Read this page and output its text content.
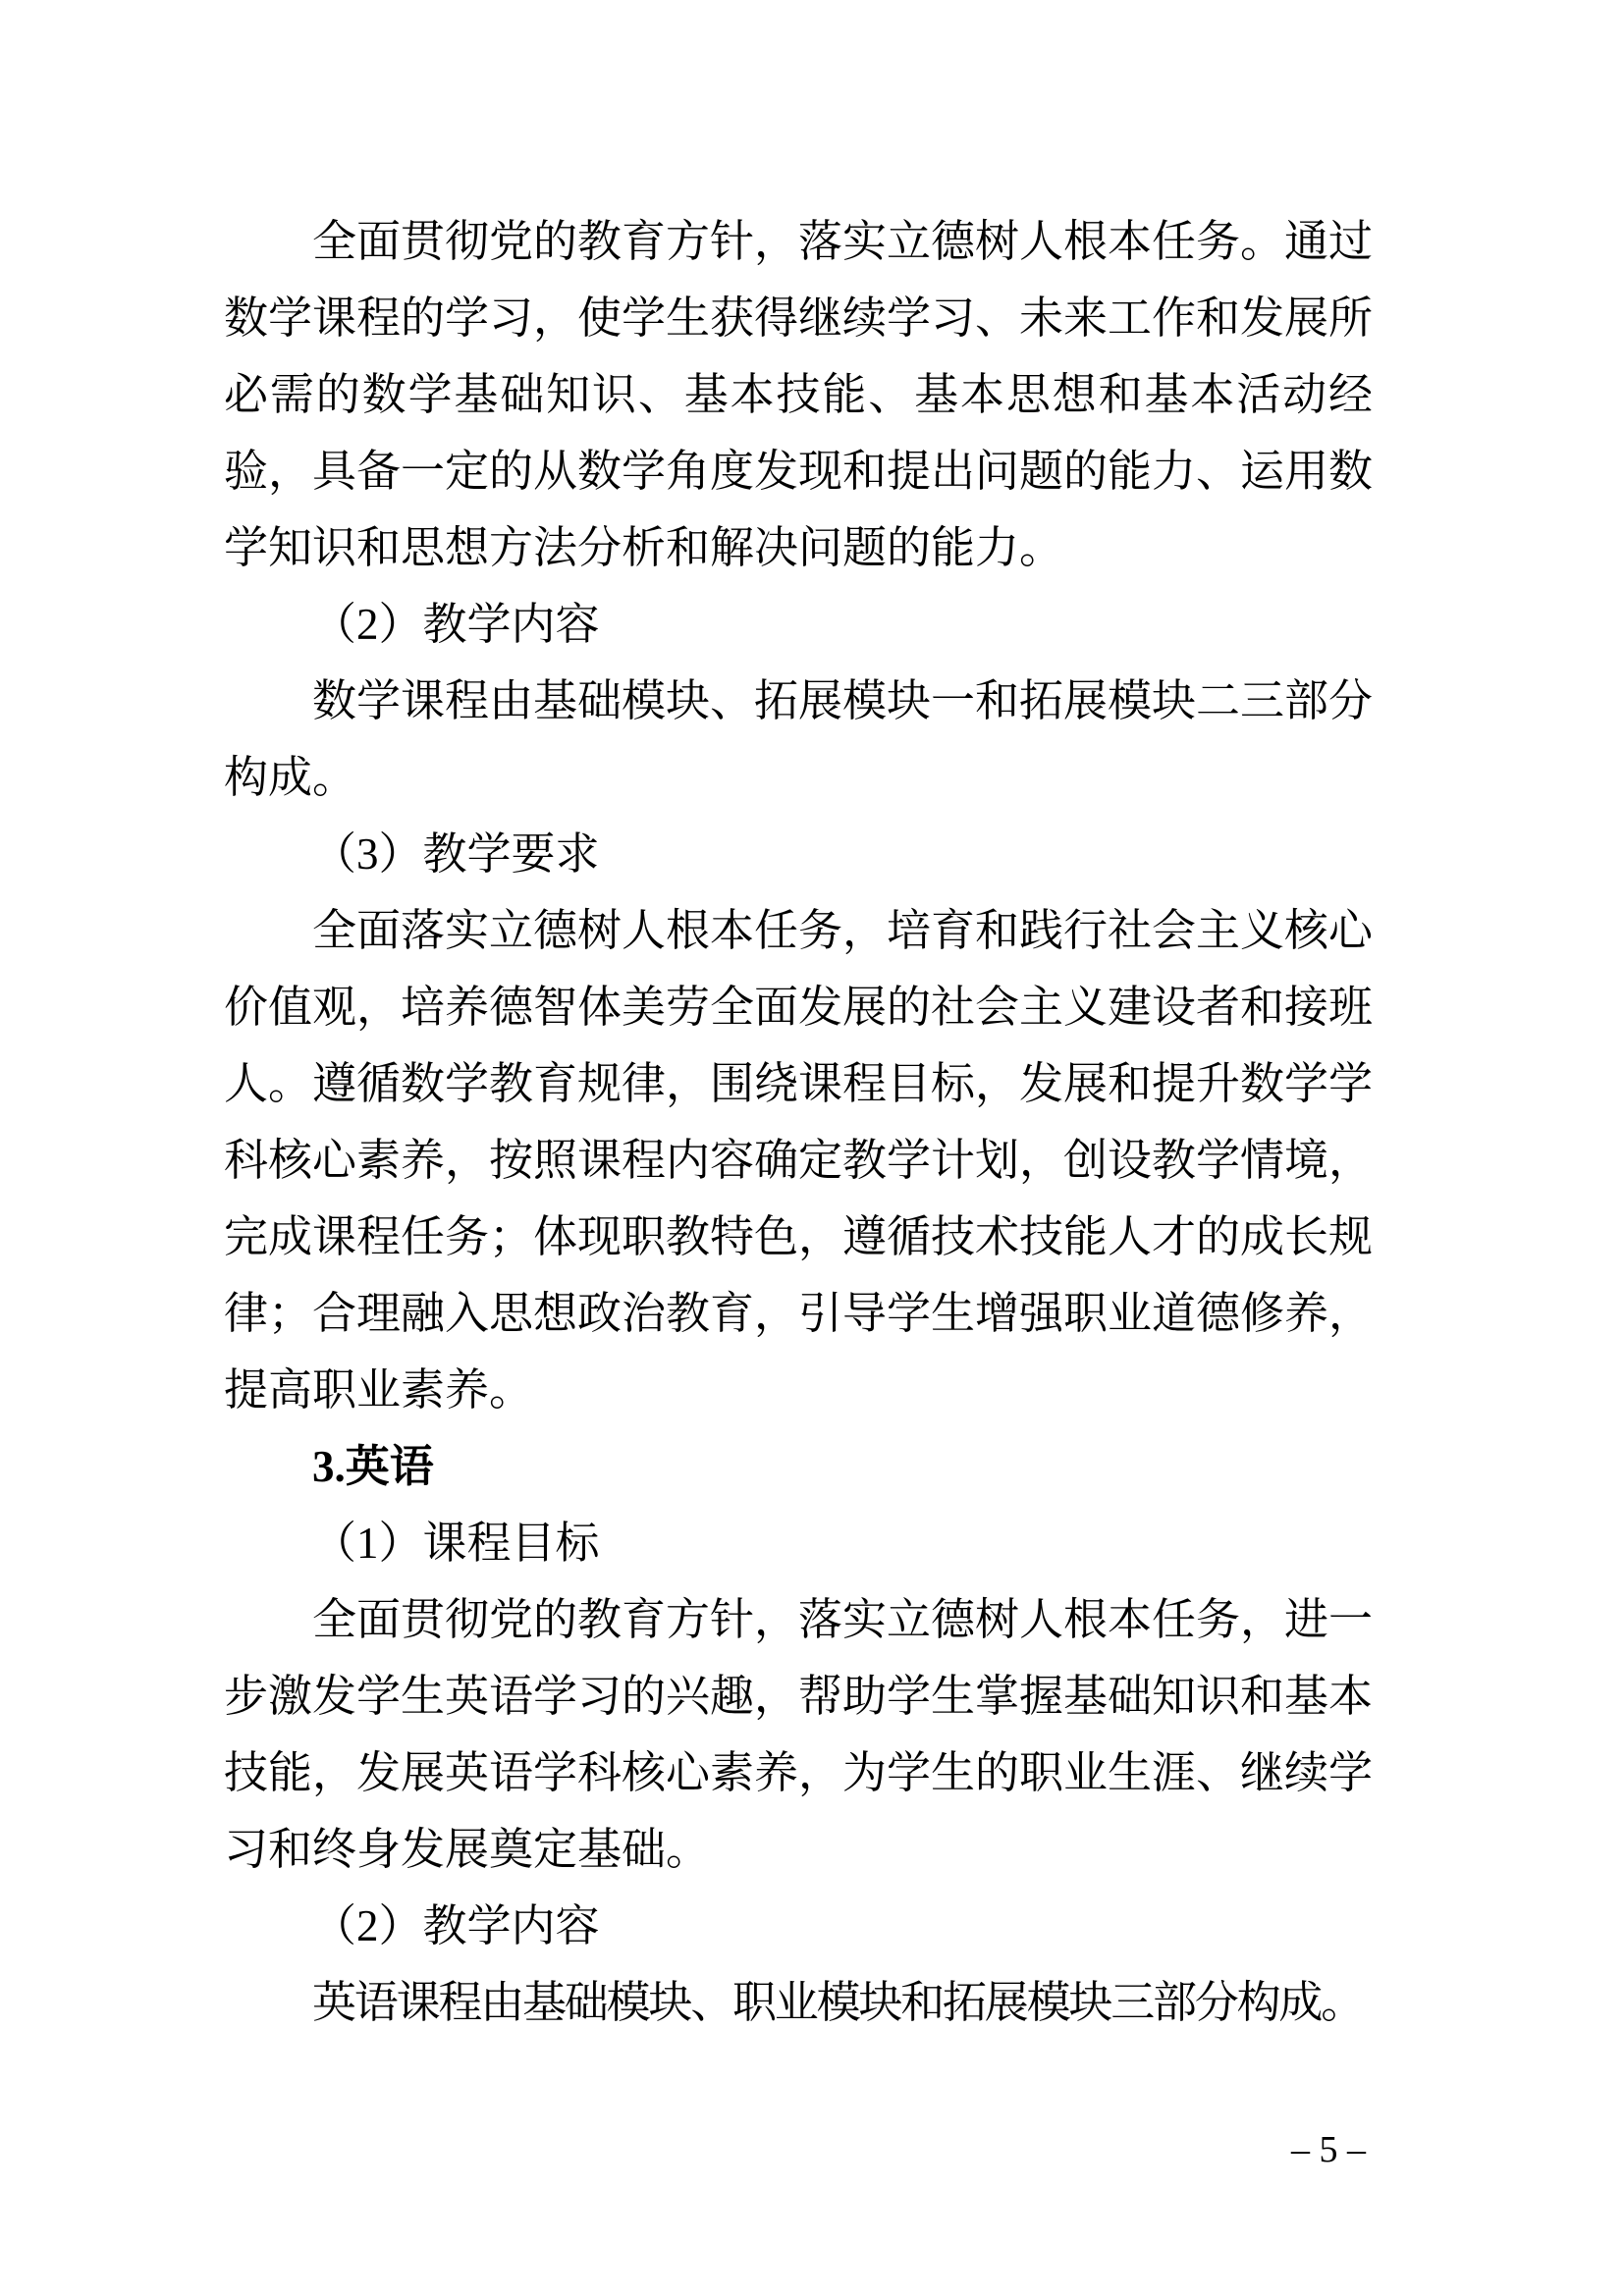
全面贯彻党的教育方针，落实立德树人根本任务。通过数学课程的学习，使学生获得继续学习、未来工作和发展所必需的数学基础知识、基本技能、基本思想和基本活动经验，具备一定的从数学角度发现和提出问题的能力、运用数学知识和思想方法分析和解决问题的能力。

（2）教学内容

数学课程由基础模块、拓展模块一和拓展模块二三部分构成。

（3）教学要求

全面落实立德树人根本任务，培育和践行社会主义核心价值观，培养德智体美劳全面发展的社会主义建设者和接班人。遵循数学教育规律，围绕课程目标，发展和提升数学学科核心素养，按照课程内容确定教学计划，创设教学情境，完成课程任务；体现职教特色，遵循技术技能人才的成长规律；合理融入思想政治教育，引导学生增强职业道德修养，提高职业素养。

3.英语

（1）课程目标

全面贯彻党的教育方针，落实立德树人根本任务，进一步激发学生英语学习的兴趣，帮助学生掌握基础知识和基本技能，发展英语学科核心素养，为学生的职业生涯、继续学习和终身发展奠定基础。

（2）教学内容

英语课程由基础模块、职业模块和拓展模块三部分构成。

– 5 –
